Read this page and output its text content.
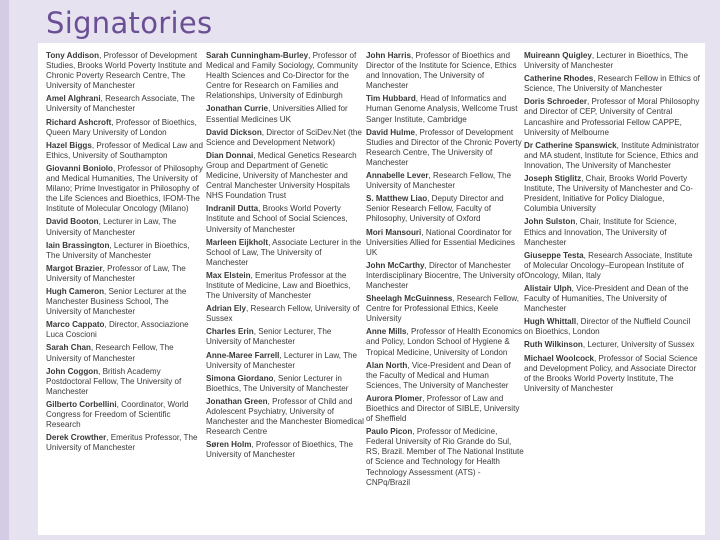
Signatories

Tony Addison, Professor of Development Studies, Brooks World Poverty Institute and Chronic Poverty Research Centre, The University of Manchester

Amel Alghrani, Research Associate, The University of Manchester

Richard Ashcroft, Professor of Bioethics, Queen Mary University of London

Hazel Biggs, Professor of Medical Law and Ethics, University of Southampton

Giovanni Boniolo, Professor of Philosophy and Medical Humanities, The University of Milano; Prime Investigator in Philosophy of the Life Sciences and Bioethics, IFOM-The Institute of Molecular Oncology (Milano)

David Booton, Lecturer in Law, The University of Manchester

Iain Brassington, Lecturer in Bioethics, The University of Manchester

Margot Brazier, Professor of Law, The University of Manchester

Hugh Cameron, Senior Lecturer at the Manchester Business School, The University of Manchester

Marco Cappato, Director, Associazione Luca Coscioni

Sarah Chan, Research Fellow, The University of Manchester

John Coggon, British Academy Postdoctoral Fellow, The University of Manchester

Gilberto Corbellini, Coordinator, World Congress for Freedom of Scientific Research

Derek Crowther, Emeritus Professor, The University of Manchester

Sarah Cunningham-Burley, Professor of Medical and Family Sociology, Community Health Sciences and Co-Director for the Centre for Research on Families and Relationships, University of Edinburgh

Jonathan Currie, Universities Allied for Essential Medicines UK

David Dickson, Director of SciDev.Net (the Science and Development Network)

Dian Donnai, Medical Genetics Research Group and Department of Genetic Medicine, University of Manchester and Central Manchester University Hospitals NHS Foundation Trust

Indranil Dutta, Brooks World Poverty Institute and School of Social Sciences, University of Manchester

Marleen Eijkholt, Associate Lecturer in the School of Law, The University of Manchester

Max Elstein, Emeritus Professor at the Institute of Medicine, Law and Bioethics, The University of Manchester

Adrian Ely, Research Fellow, University of Sussex

Charles Erin, Senior Lecturer, The University of Manchester

Anne-Maree Farrell, Lecturer in Law, The University of Manchester

Simona Giordano, Senior Lecturer in Bioethics, The University of Manchester

Jonathan Green, Professor of Child and Adolescent Psychiatry, University of Manchester and the Manchester Biomedical Research Centre

Søren Holm, Professor of Bioethics, The University of Manchester

John Harris, Professor of Bioethics and Director of the Institute for Science, Ethics and Innovation, The University of Manchester

Tim Hubbard, Head of Informatics and Human Genome Analysis, Wellcome Trust Sanger Institute, Cambridge

David Hulme, Professor of Development Studies and Director of the Chronic Poverty Research Centre, The University of Manchester

Annabelle Lever, Research Fellow, The University of Manchester

S. Matthew Liao, Deputy Director and Senior Research Fellow, Faculty of Philosophy, University of Oxford

Mori Mansouri, National Coordinator for Universities Allied for Essential Medicines UK

John McCarthy, Director of Manchester Interdisciplinary Biocentre, The University of Manchester

Sheelagh McGuinness, Research Fellow, Centre for Professional Ethics, Keele University

Anne Mills, Professor of Health Economics and Policy, London School of Hygiene & Tropical Medicine, University of London

Alan North, Vice-President and Dean of the Faculty of Medical and Human Sciences, The University of Manchester

Aurora Plomer, Professor of Law and Bioethics and Director of SIBLE, University of Sheffield

Paulo Picon, Professor of Medicine, Federal University of Rio Grande do Sul, RS, Brazil. Member of The National Institute of Science and Technology for Health Technology Assessment (ATS) - CNPq/Brazil

Muireann Quigley, Lecturer in Bioethics, The University of Manchester

Catherine Rhodes, Research Fellow in Ethics of Science, The University of Manchester

Doris Schroeder, Professor of Moral Philosophy and Director of CEP, University of Central Lancashire and Professorial Fellow CAPPE, University of Melbourne

Dr Catherine Spanswick, Institute Administrator and MA student, Institute for Science, Ethics and Innovation, The University of Manchester

Joseph Stiglitz, Chair, Brooks World Poverty Institute, The University of Manchester and Co-President, Initiative for Policy Dialogue, Columbia University

John Sulston, Chair, Institute for Science, Ethics and Innovation, The University of Manchester

Giuseppe Testa, Research Associate, Institute of Molecular Oncology–European Institute of Oncology, Milan, Italy

Alistair Ulph, Vice-President and Dean of the Faculty of Humanities, The University of Manchester

Hugh Whittall, Director of the Nuffield Council on Bioethics, London

Ruth Wilkinson, Lecturer, University of Sussex

Michael Woolcock, Professor of Social Science and Development Policy, and Associate Director of the Brooks World Poverty Institute, The University of Manchester
